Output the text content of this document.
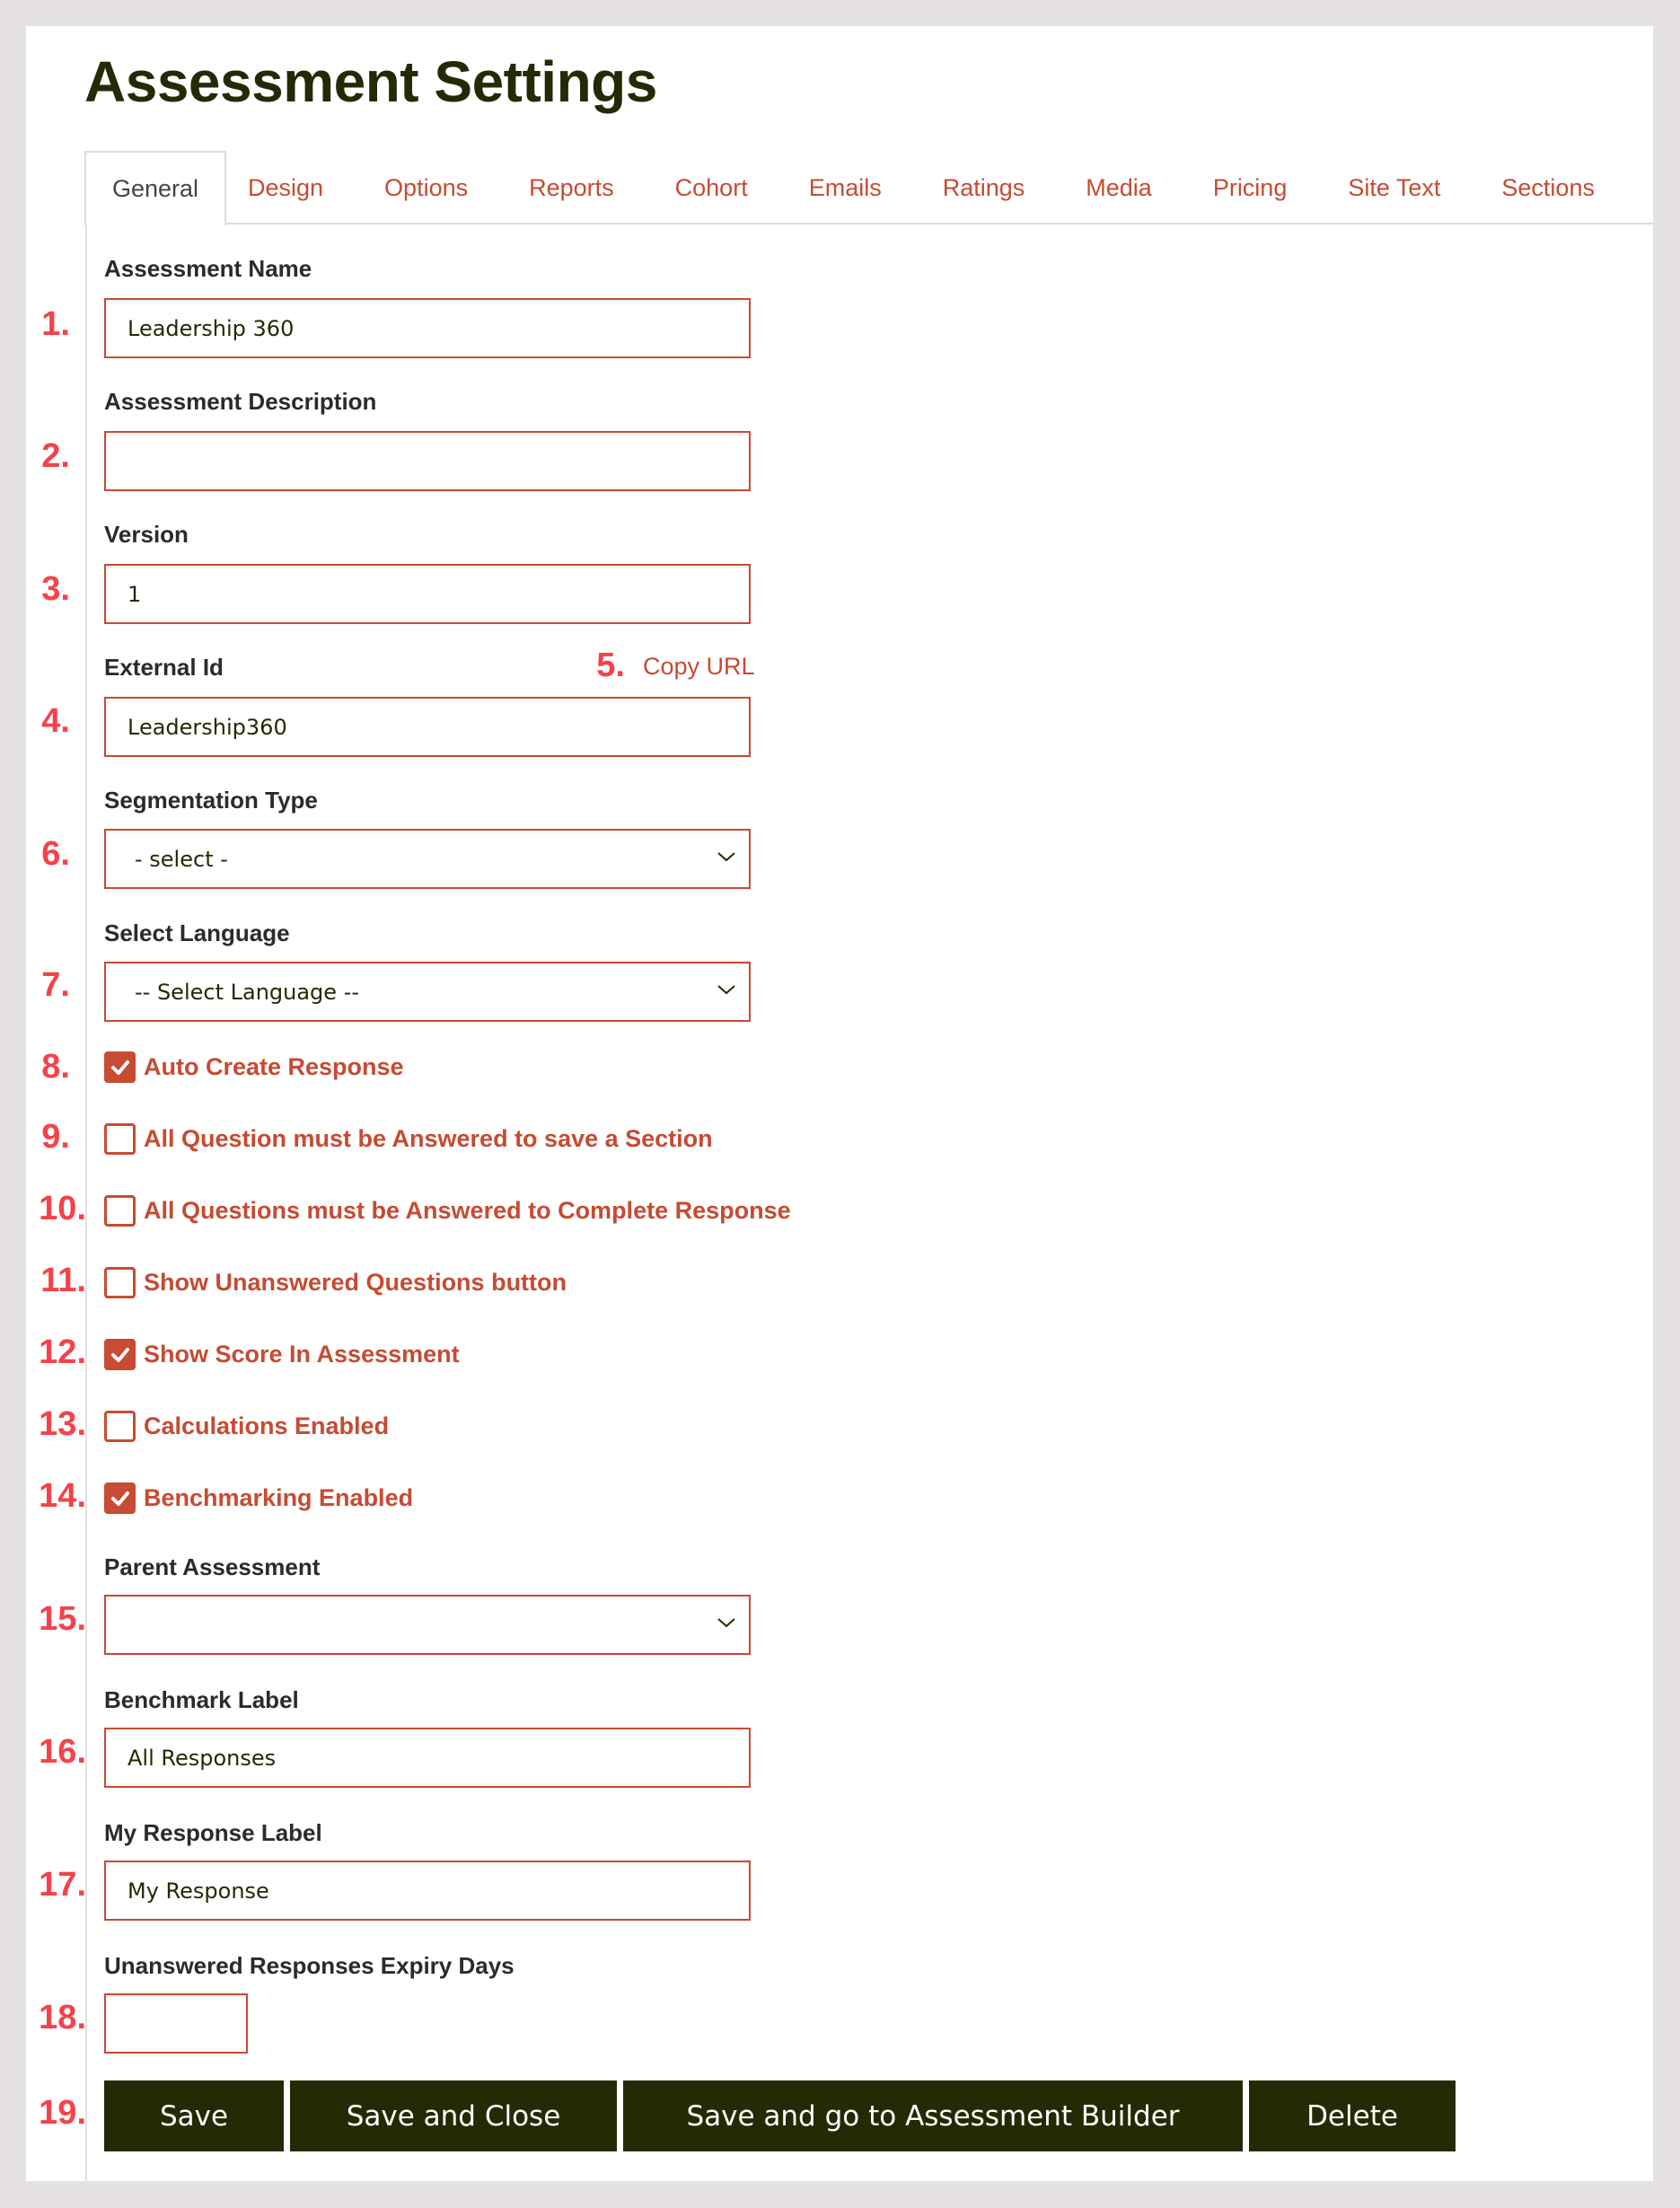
Assessment Settings
General	Design	Options	Reports	Cohort	Emails	Ratings	Media	Pricing	Site Text	Sections
Assessment Name
1.	Leadership 360
Assessment Description
2.
Version
3.	1
External Id	5. Copy URL
4.	Leadership360
Segmentation Type
6.	- select -
Select Language
7.	-- Select Language --
8.	Auto Create Response
9.	All Question must be Answered to save a Section
10. All Questions must be Answered to Complete Response
11. Show Unanswered Questions button
12. Show Score In Assessment
13. Calculations Enabled
14. Benchmarking Enabled
Parent Assessment
15.
Benchmark Label
16.	All Responses
My Response Label
17.	My Response
Unanswered Responses Expiry Days
18.
19.	Save	Save and Close	Save and go to Assessment Builder	Delete
